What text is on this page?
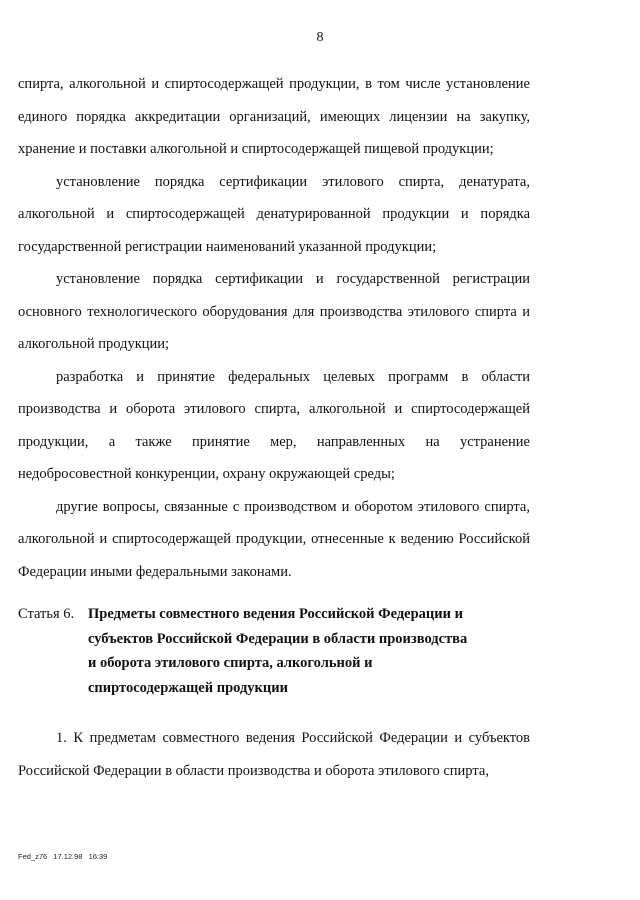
8

спирта, алкогольной и спиртосодержащей продукции, в том числе установление единого порядка аккредитации организаций, имеющих лицензии на закупку, хранение и поставки алкогольной и спиртосодержащей пищевой продукции;

установление порядка сертификации этилового спирта, денатурата, алкогольной и спиртосодержащей денатурированной продукции и порядка государственной регистрации наименований указанной продукции;

установление порядка сертификации и государственной регистрации основного технологического оборудования для производства этилового спирта и алкогольной продукции;

разработка и принятие федеральных целевых программ в области производства и оборота этилового спирта, алкогольной и спиртосодержащей продукции, а также принятие мер, направленных на устранение недобросовестной конкуренции, охрану окружающей среды;

другие вопросы, связанные с производством и оборотом этилового спирта, алкогольной и спиртосодержащей продукции, отнесенные к ведению Российской Федерации иными федеральными законами.

Статья 6. Предметы совместного ведения Российской Федерации и
субъектов Российской Федерации в области производства
и оборота этилового спирта, алкогольной и
спиртосодержащей продукции

1. К предметам совместного ведения Российской Федерации и субъектов Российской Федерации в области производства и оборота этилового спирта,

Fed_z76 17.12.98 16:39
